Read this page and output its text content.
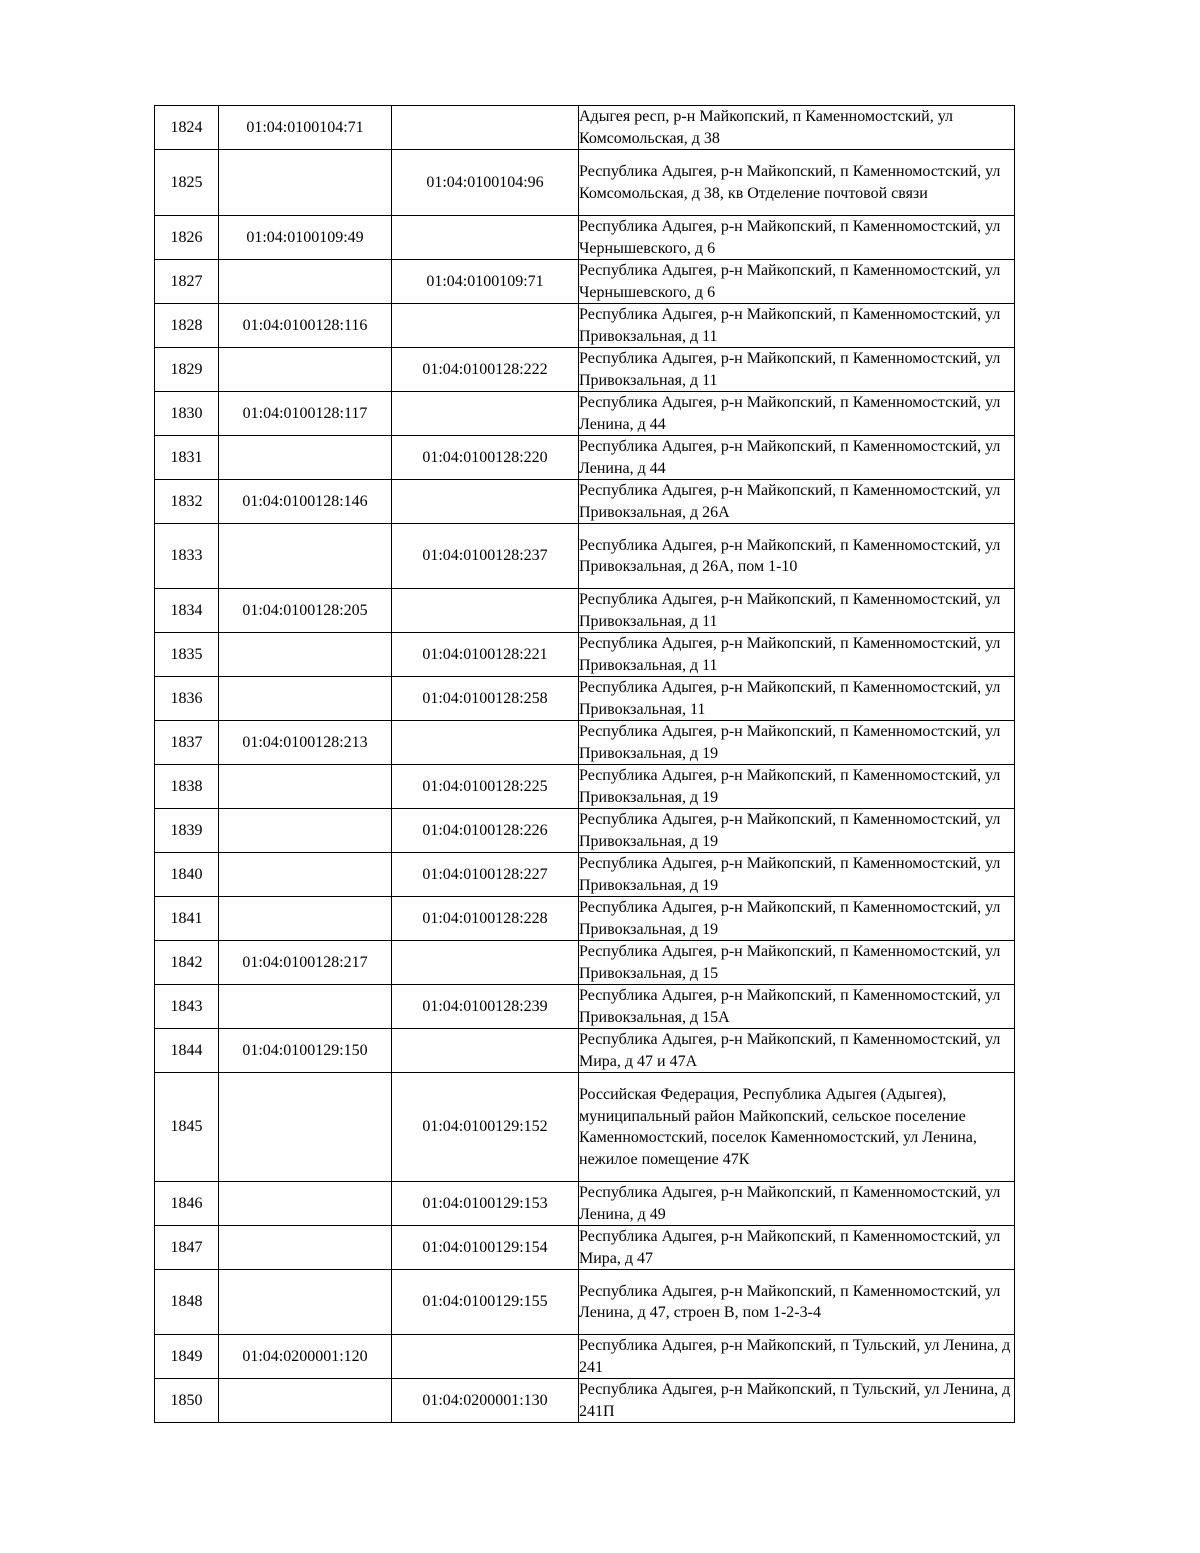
1824	01:04:0100104:71		Адыгея респ, р-н Майкопский, п Каменномостский, ул Комсомольская, д 38
1825		01:04:0100104:96	Республика Адыгея, р-н Майкопский, п Каменномостский, ул Комсомольская, д 38, кв Отделение почтовой связи
1826	01:04:0100109:49		Республика Адыгея, р-н Майкопский, п Каменномостский, ул Чернышевского, д 6
1827		01:04:0100109:71	Республика Адыгея, р-н Майкопский, п Каменномостский, ул Чернышевского, д 6
1828	01:04:0100128:116		Республика Адыгея, р-н Майкопский, п Каменномостский, ул Привокзальная, д 11
1829		01:04:0100128:222	Республика Адыгея, р-н Майкопский, п Каменномостский, ул Привокзальная, д 11
1830	01:04:0100128:117		Республика Адыгея, р-н Майкопский, п Каменномостский, ул Ленина, д 44
1831		01:04:0100128:220	Республика Адыгея, р-н Майкопский, п Каменномостский, ул Ленина, д 44
1832	01:04:0100128:146		Республика Адыгея, р-н Майкопский, п Каменномостский, ул Привокзальная, д 26А
1833		01:04:0100128:237	Республика Адыгея, р-н Майкопский, п Каменномостский, ул Привокзальная, д 26А, пом 1-10
1834	01:04:0100128:205		Республика Адыгея, р-н Майкопский, п Каменномостский, ул Привокзальная, д 11
1835		01:04:0100128:221	Республика Адыгея, р-н Майкопский, п Каменномостский, ул Привокзальная, д 11
1836		01:04:0100128:258	Республика Адыгея, р-н Майкопский, п Каменномостский, ул Привокзальная, 11
1837	01:04:0100128:213		Республика Адыгея, р-н Майкопский, п Каменномостский, ул Привокзальная, д 19
1838		01:04:0100128:225	Республика Адыгея, р-н Майкопский, п Каменномостский, ул Привокзальная, д 19
1839		01:04:0100128:226	Республика Адыгея, р-н Майкопский, п Каменномостский, ул Привокзальная, д 19
1840		01:04:0100128:227	Республика Адыгея, р-н Майкопский, п Каменномостский, ул Привокзальная, д 19
1841		01:04:0100128:228	Республика Адыгея, р-н Майкопский, п Каменномостский, ул Привокзальная, д 19
1842	01:04:0100128:217		Республика Адыгея, р-н Майкопский, п Каменномостский, ул Привокзальная, д 15
1843		01:04:0100128:239	Республика Адыгея, р-н Майкопский, п Каменномостский, ул Привокзальная, д 15А
1844	01:04:0100129:150		Республика Адыгея, р-н Майкопский, п Каменномостский, ул Мира, д 47 и 47А
1845		01:04:0100129:152	Российская Федерация, Республика Адыгея (Адыгея), муниципальный район Майкопский, сельское поселение Каменномостский, поселок Каменномостский, ул Ленина, нежилое помещение 47К
1846		01:04:0100129:153	Республика Адыгея, р-н Майкопский, п Каменномостский, ул Ленина, д 49
1847		01:04:0100129:154	Республика Адыгея, р-н Майкопский, п Каменномостский, ул Мира, д 47
1848		01:04:0100129:155	Республика Адыгея, р-н Майкопский, п Каменномостский, ул Ленина, д 47, строен В, пом 1-2-3-4
1849	01:04:0200001:120		Республика Адыгея, р-н Майкопский, п Тульский, ул Ленина, д 241
1850		01:04:0200001:130	Республика Адыгея, р-н Майкопский, п Тульский, ул Ленина, д 241П
